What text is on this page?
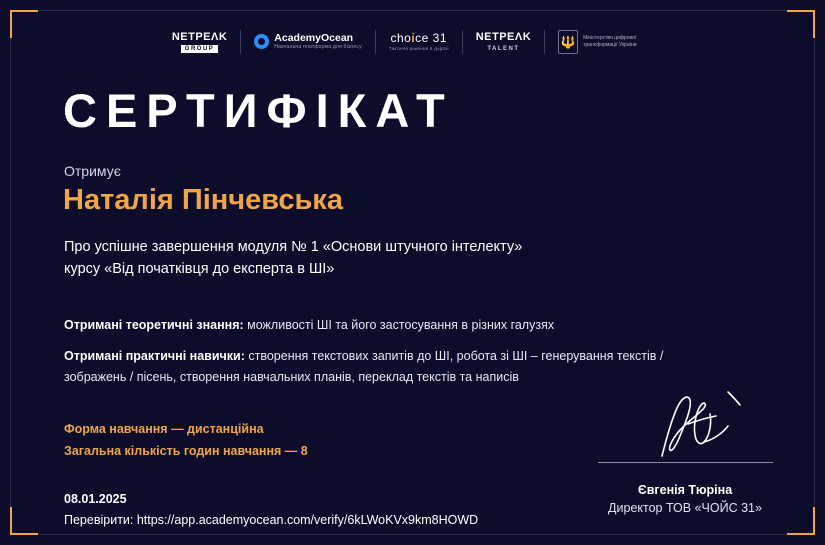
NETPEΛK
GROUP
AcademyOcean
Навчальна платформа для бізнесу
choice 31
Тактичні рішення в дорозі
NETPEΛK
TALENT	🔱	Міністерство цифрової трансформації України
СЕРТИФІКАТ
Отримує
Наталія Пінчевська
Про успішне завершення модуля № 1 «Основи штучного інтелекту»
курсу «Від початківця до експерта в ШІ»
Отримані теоретичні знання: можливості ШІ та його застосування в різних галузях
Отримані практичні навички: створення текстових запитів до ШІ, робота зі ШІ – генерування текстів / зображень / пісень, створення навчальних планів, переклад текстів та написів
Форма навчання — дистанційна
Загальна кількість годин навчання — 8
08.01.2025
Перевірити: https://app.academyocean.com/verify/6kLWoKVx9km8HOWD
Євгенія Тюріна
Директор ТОВ «ЧОЙС 31»
